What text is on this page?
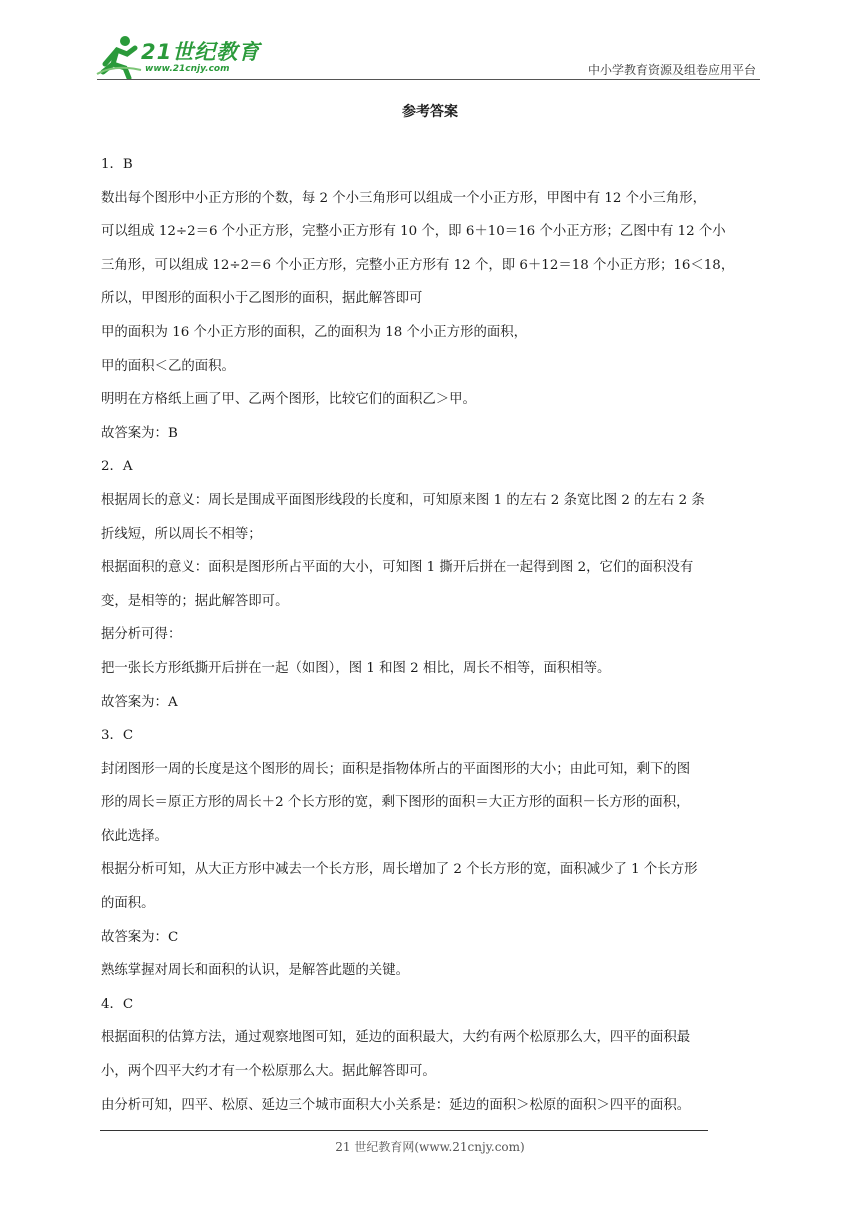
21世纪教育
www.21cnjy.com	中小学教育资源及组卷应用平台
参考答案

1．B

数出每个图形中小正方形的个数，每 2 个小三角形可以组成一个小正方形，甲图中有 12 个小三角形，

可以组成 12÷2＝6 个小正方形，完整小正方形有 10 个，即 6＋10＝16 个小正方形；乙图中有 12 个小

三角形，可以组成 12÷2＝6 个小正方形，完整小正方形有 12 个，即 6＋12＝18 个小正方形；16＜18，

所以，甲图形的面积小于乙图形的面积，据此解答即可

甲的面积为 16 个小正方形的面积，乙的面积为 18 个小正方形的面积，

甲的面积＜乙的面积。

明明在方格纸上画了甲、乙两个图形，比较它们的面积乙＞甲。

故答案为：B

2．A

根据周长的意义：周长是围成平面图形线段的长度和，可知原来图 1 的左右 2 条宽比图 2 的左右 2 条

折线短，所以周长不相等；

根据面积的意义：面积是图形所占平面的大小，可知图 1 撕开后拼在一起得到图 2，它们的面积没有

变，是相等的；据此解答即可。

据分析可得：

把一张长方形纸撕开后拼在一起（如图），图 1 和图 2 相比，周长不相等，面积相等。

故答案为：A

3．C

封闭图形一周的长度是这个图形的周长；面积是指物体所占的平面图形的大小；由此可知，剩下的图

形的周长＝原正方形的周长＋2 个长方形的宽，剩下图形的面积＝大正方形的面积－长方形的面积，

依此选择。

根据分析可知，从大正方形中减去一个长方形，周长增加了 2 个长方形的宽，面积减少了 1 个长方形

的面积。

故答案为：C

熟练掌握对周长和面积的认识，是解答此题的关键。

4．C

根据面积的估算方法，通过观察地图可知，延边的面积最大，大约有两个松原那么大，四平的面积最

小，两个四平大约才有一个松原那么大。据此解答即可。

由分析可知，四平、松原、延边三个城市面积大小关系是：延边的面积＞松原的面积＞四平的面积。

21 世纪教育网(www.21cnjy.com)
